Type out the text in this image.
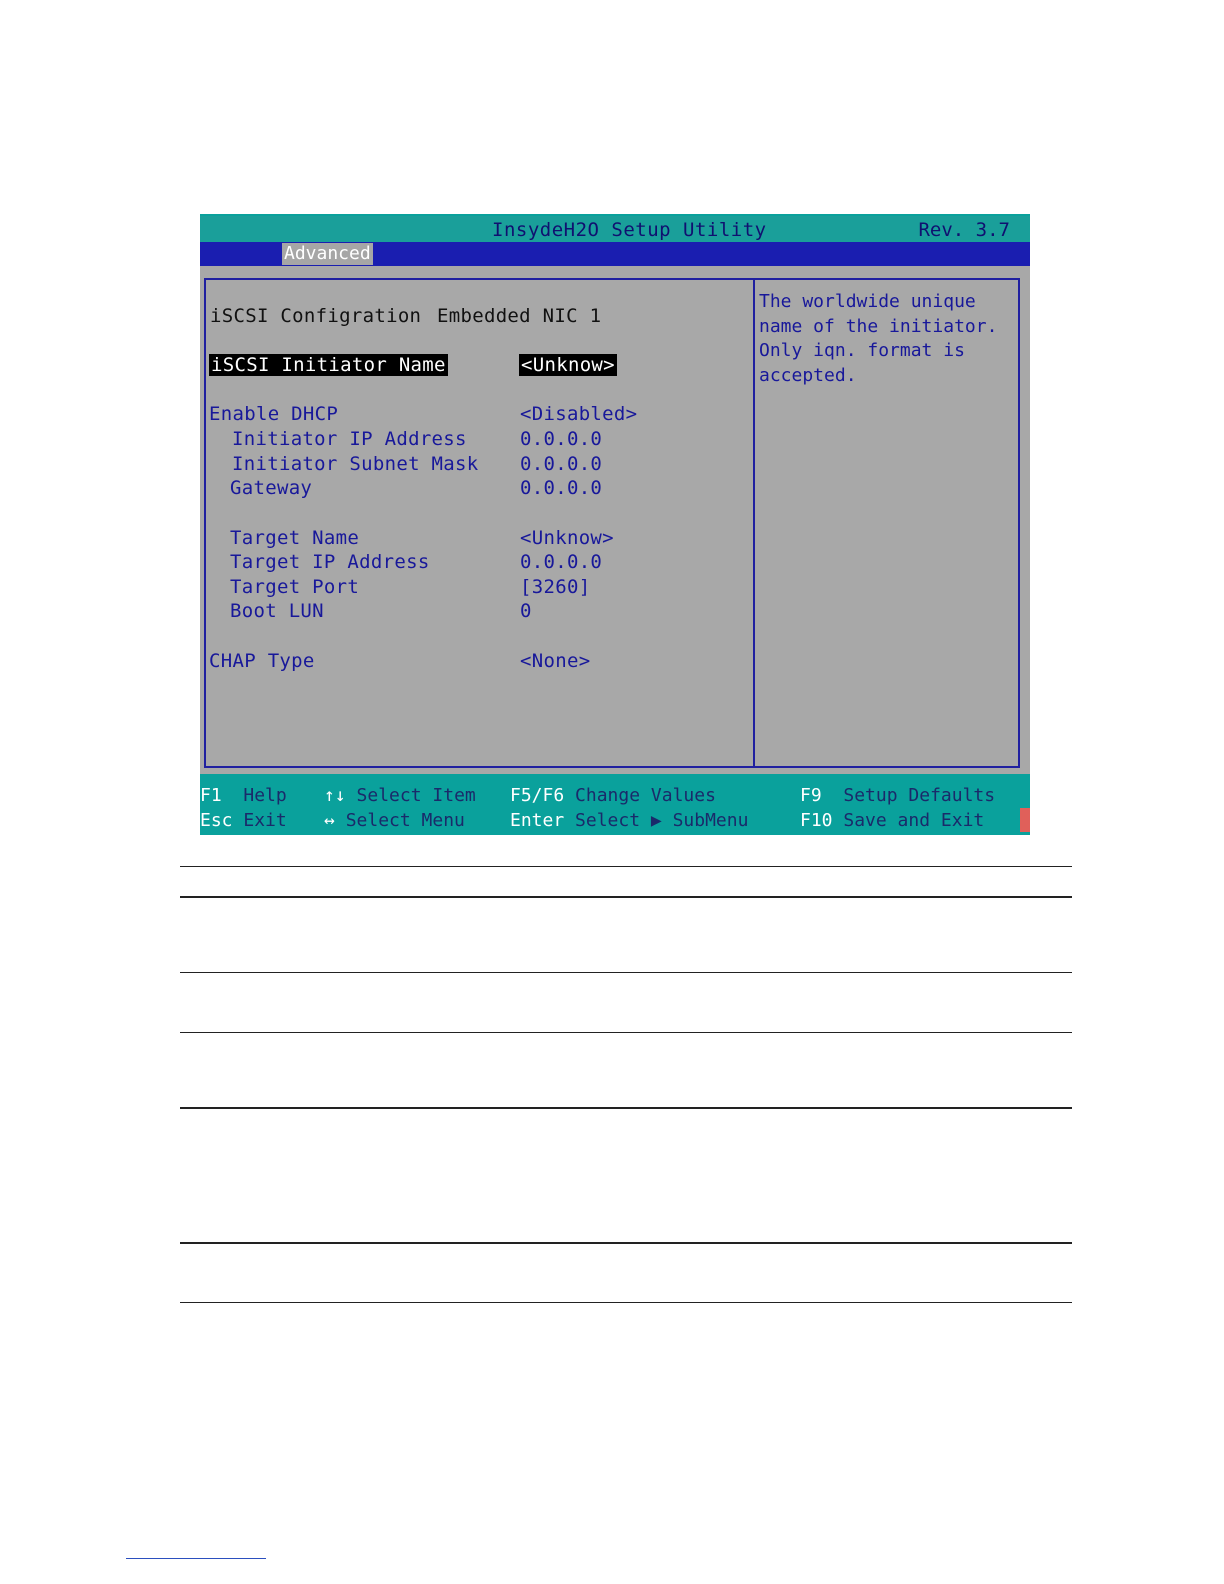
InsydeH2O Setup Utility	Rev. 3.7
Advanced
iSCSI Configration Embedded NIC 1
iSCSI Initiator Name	<Unknow>
Enable DHCP	<Disabled>
Initiator IP Address	0.0.0.0
Initiator Subnet Mask 0.0.0.0
Gateway	0.0.0.0
Target Name	<Unknow>
Target IP Address	0.0.0.0
Target Port	[3260]
Boot LUN	0
CHAP Type	<None>
The worldwide unique
name of the initiator.
Only iqn. format is
accepted.
F1 Help ↑↓ Select Item F5/F6 Change Values	F9 Setup Defaults
Esc Exit ↔ Select Menu	Enter Select ▶ SubMenu	F10 Save and Exit
